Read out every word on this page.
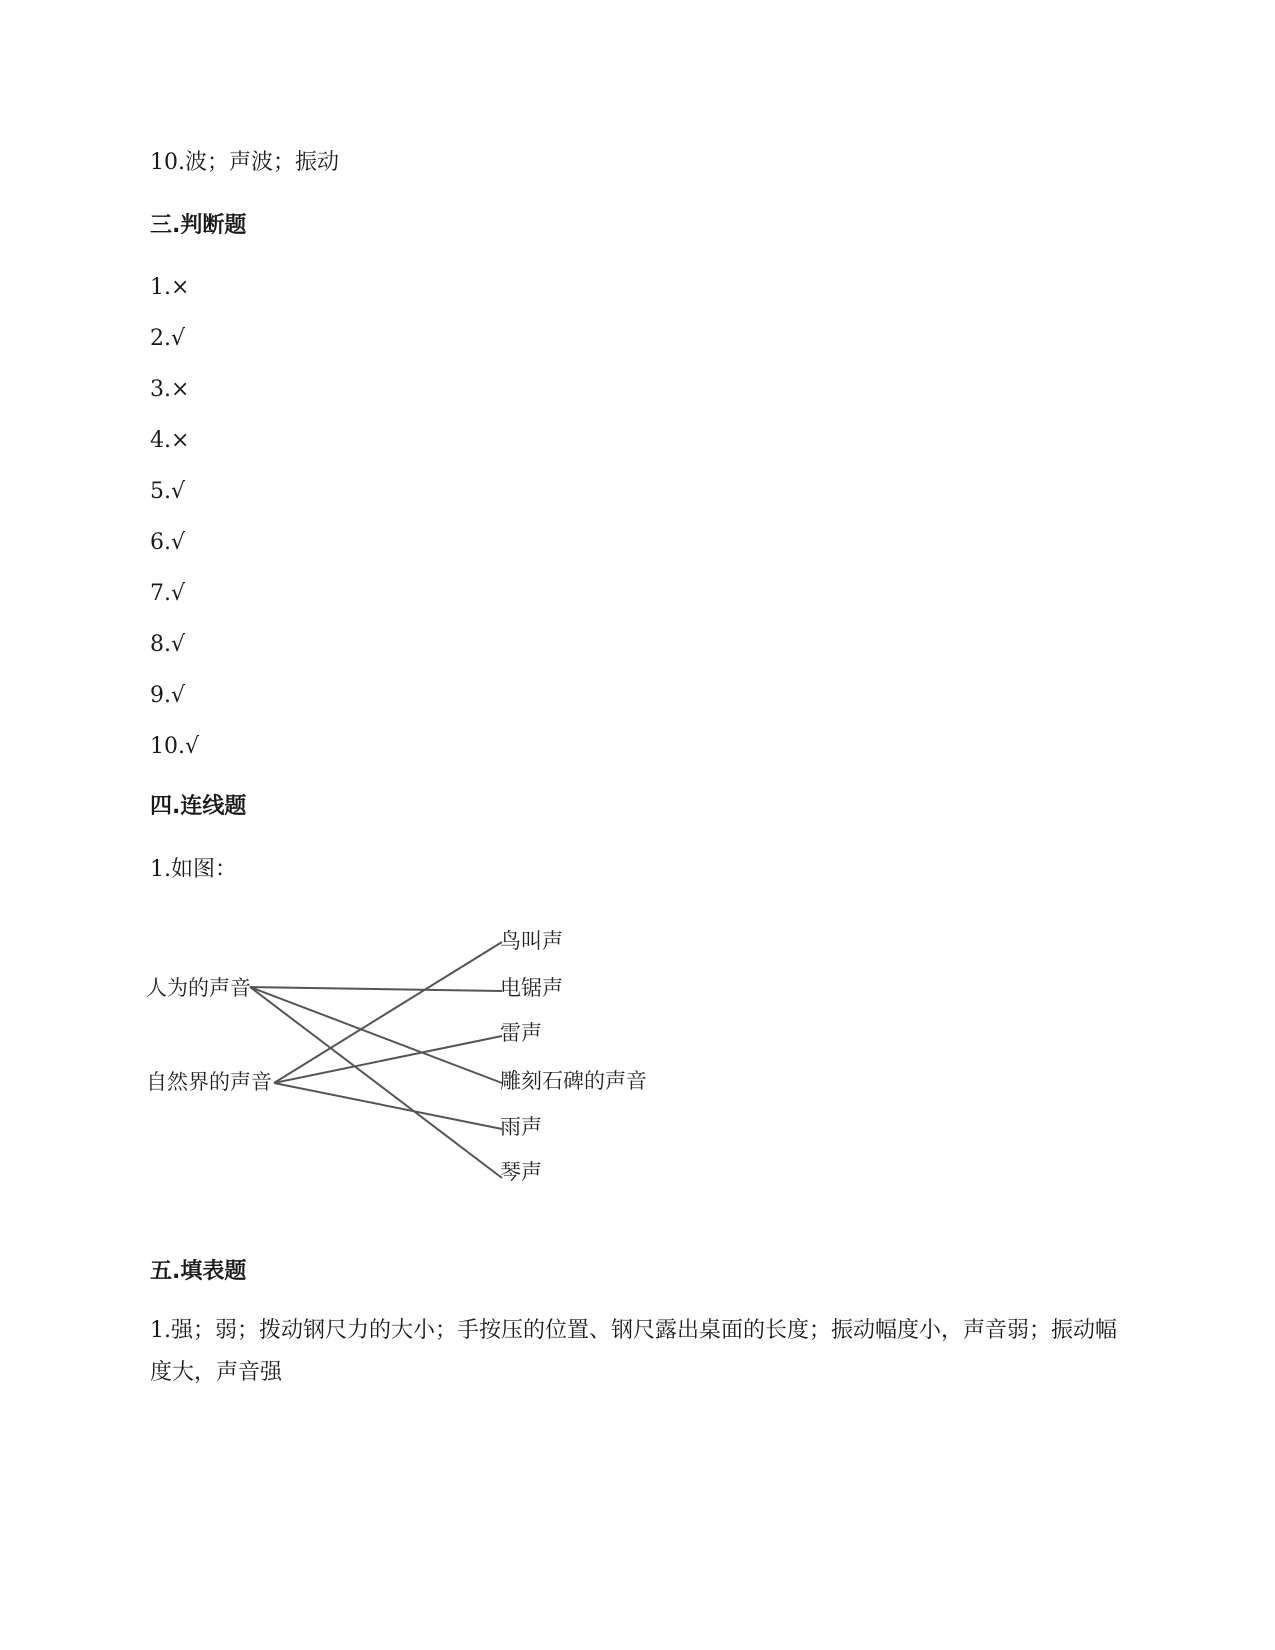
10.波；声波；振动
三.判断题
1.×
2.√
3.×
4.×
5.√
6.√
7.√
8.√
9.√
10.√
四.连线题
1.如图：
人为的声音
自然界的声音
鸟叫声
电锯声
雷声
雕刻石碑的声音
雨声
琴声
五.填表题
1.强；弱；拨动钢尺力的大小；手按压的位置、钢尺露出桌面的长度；振动幅度小，声音弱；振动幅度大，声音强
